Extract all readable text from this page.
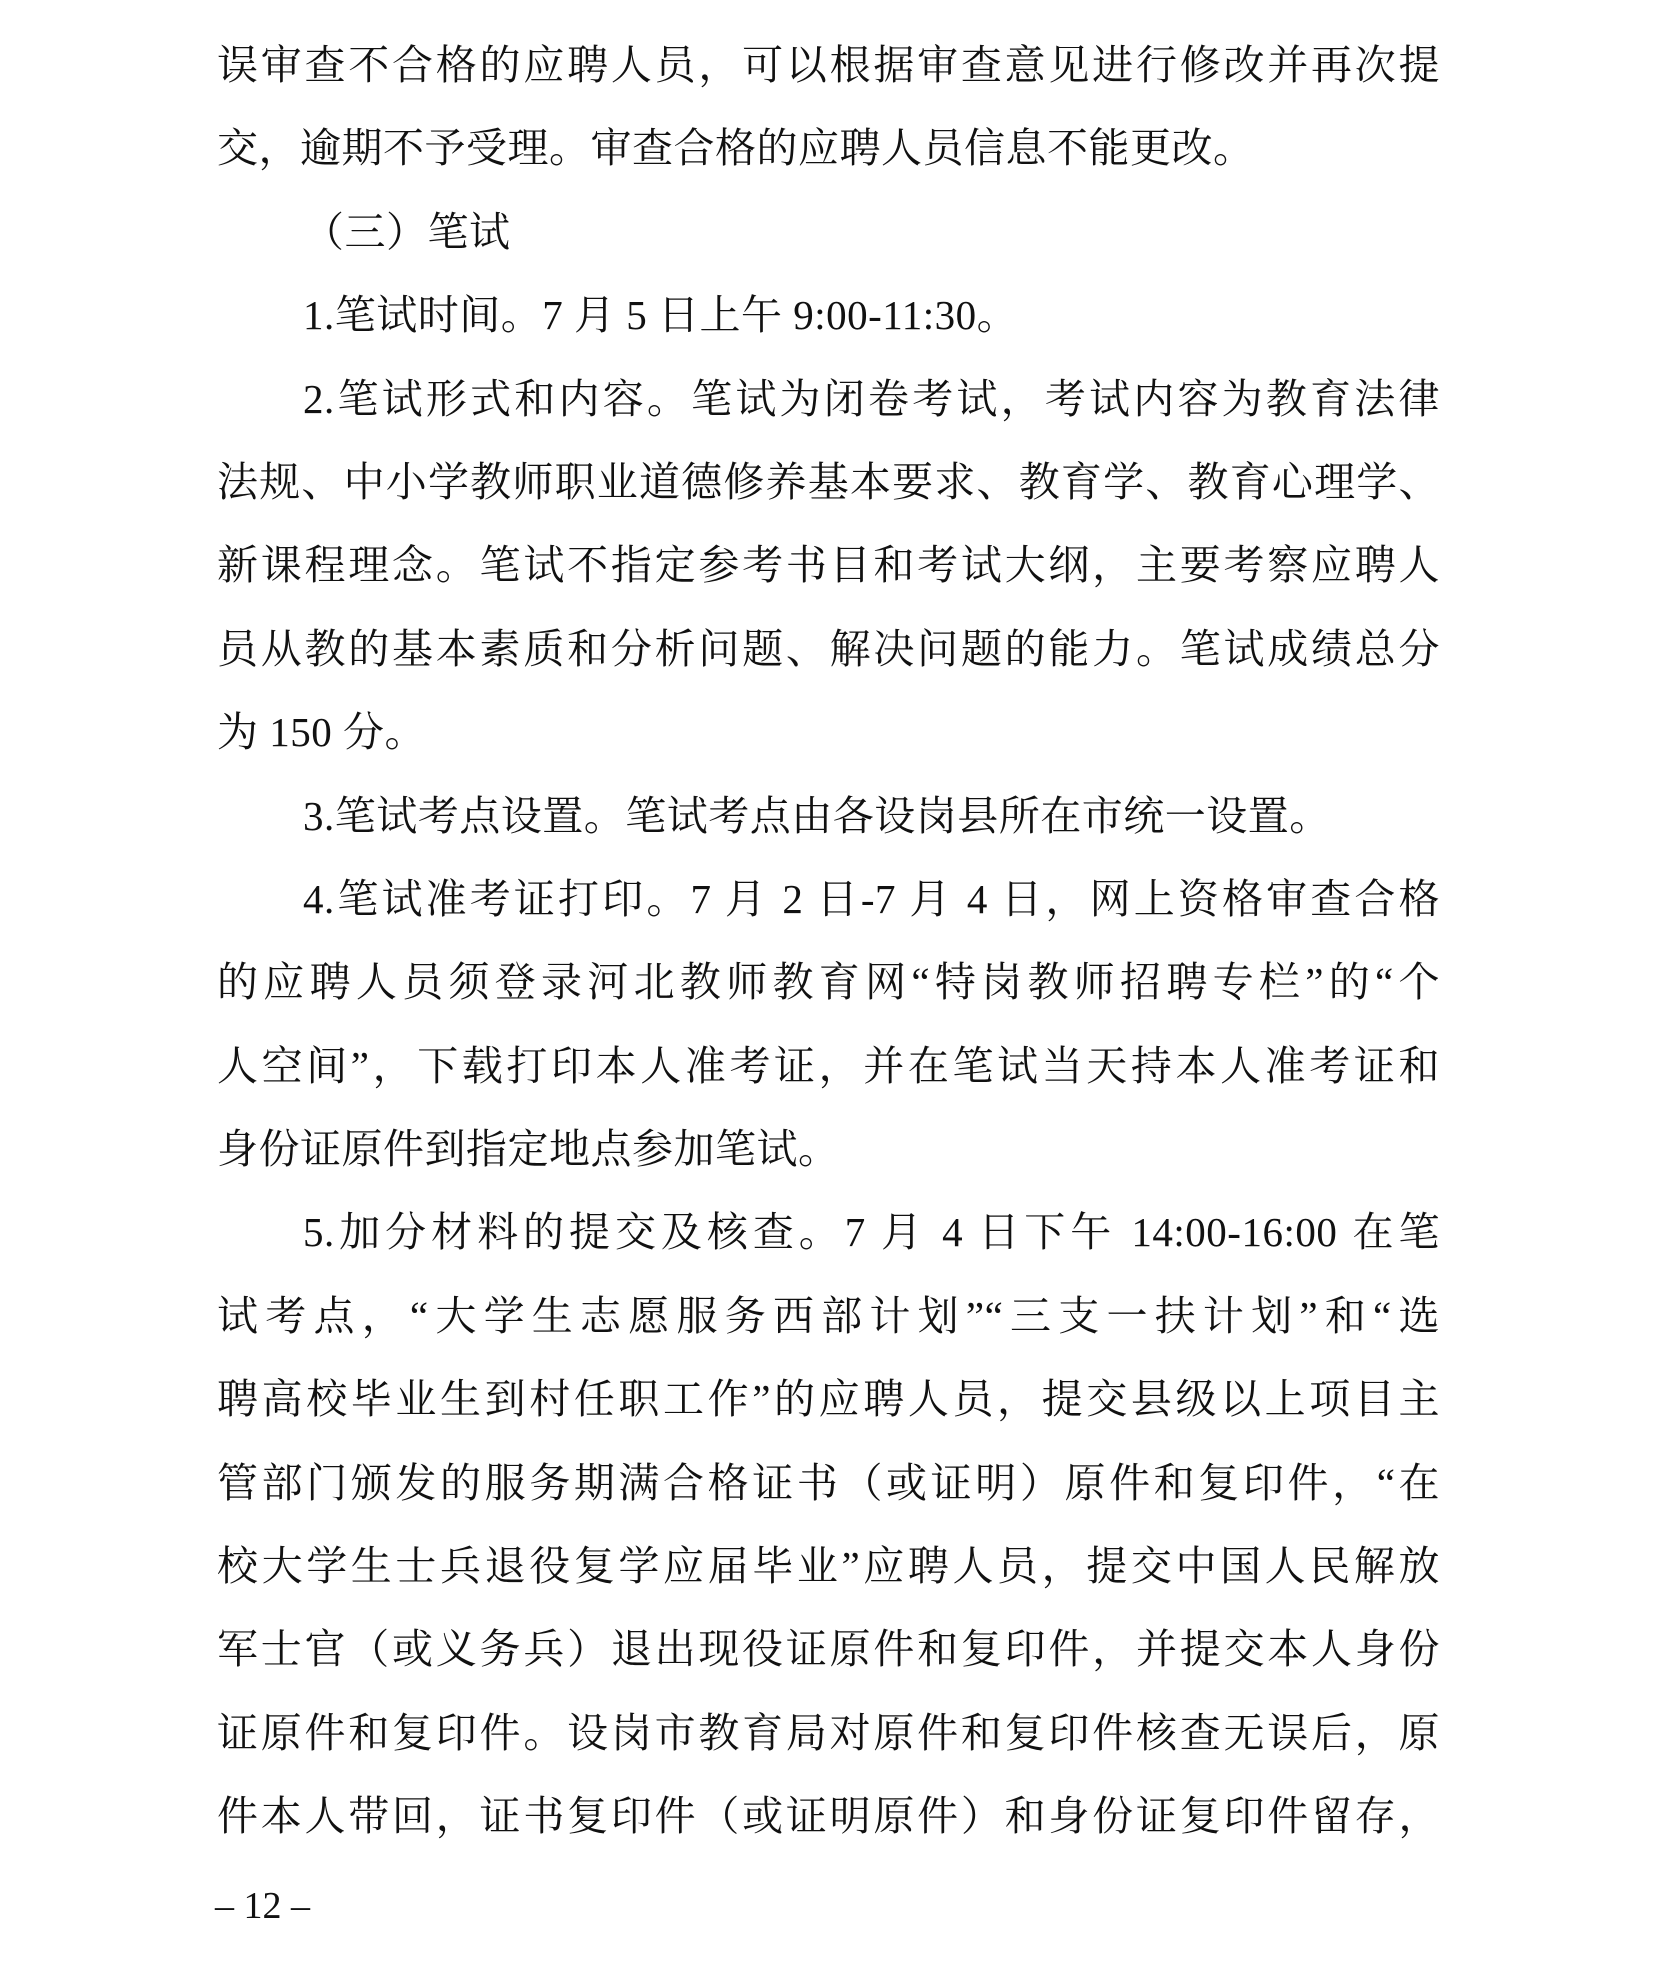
误审查不合格的应聘人员，可以根据审查意见进行修改并再次提
交，逾期不予受理。审查合格的应聘人员信息不能更改。
（三）笔试
1.笔试时间。7 月 5 日上午 9:00-11:30。
2.笔试形式和内容。笔试为闭卷考试，考试内容为教育法律
法规、中小学教师职业道德修养基本要求、教育学、教育心理学、
新课程理念。笔试不指定参考书目和考试大纲，主要考察应聘人
员从教的基本素质和分析问题、解决问题的能力。笔试成绩总分
为 150 分。
3.笔试考点设置。笔试考点由各设岗县所在市统一设置。
4.笔试准考证打印。7 月 2 日-7 月 4 日，网上资格审查合格
的应聘人员须登录河北教师教育网“特岗教师招聘专栏”的“个
人空间”，下载打印本人准考证，并在笔试当天持本人准考证和
身份证原件到指定地点参加笔试。
5.加分材料的提交及核查。7 月 4 日下午 14:00-16:00 在笔
试考点，“大学生志愿服务西部计划”“三支一扶计划”和“选
聘高校毕业生到村任职工作”的应聘人员，提交县级以上项目主
管部门颁发的服务期满合格证书（或证明）原件和复印件，“在
校大学生士兵退役复学应届毕业”应聘人员，提交中国人民解放
军士官（或义务兵）退出现役证原件和复印件，并提交本人身份
证原件和复印件。设岗市教育局对原件和复印件核查无误后，原
件本人带回，证书复印件（或证明原件）和身份证复印件留存，
– 12 –
